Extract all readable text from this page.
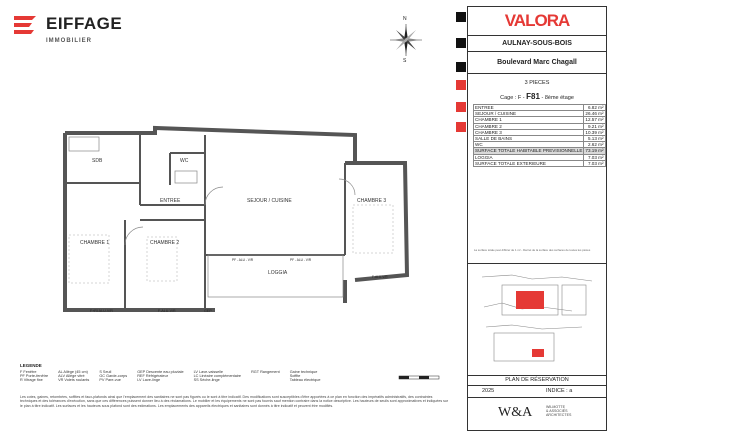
EIFFAGE
IMMOBILIER
N
S
SDB	WC
ENTREE	SEJOUR / CUISINE	CHAMBRE 3
CHAMBRE 1	CHAMBRE 2
LOGGIA
F+RI ALU-V/R	F-ALU-V/R	GEP
PF - ALU - V/R	PF - ALU - V/R
F-ALU-V/R
VALORA
AULNAY-SOUS-BOIS
Boulevard Marc Chagall
3 PIECES
Cage : F - F81 - 8ème étage
La surface totale peut différer de 1 m² - Décret de la surface des surfaces de toutes les pièces
PLAN DE RÉSERVATION
2025	INDICE : a
W&A	WILMOTTE
& ASSOCIÉS
ARCHITECTES
ENTREE	6.82 m²
SEJOUR / CUISINE	26.46 m²
CHAMBRE 1	12.57 m²
CHAMBRE 2	9.21 m²
CHAMBRE 3	10.39 m²
SALLE DE BAINS	5.13 m²
WC	2.62 m²
SURFACE TOTALE HABITABLE PREVISIONNELLE	73.19 m²
LOGGIA	7.03 m²
SURFACE TOTALE EXTERIEURE	7.03 m²
LEGENDE
F Fenêtre
PF Porte-fenêtre
R Vitrage fixe
AL Allège (45 cm)
ALV Allège vitré
VR Volets roulants
S Seuil
GC Garde-corps
PV Pare-vue
GEP Descente eau pluviale
REF Réfrigérateur
LV Lave-linge
LV Lave-vaisselle
LC Linéaire complémentaire
SS Sèche-linge
RGT Rangement	Gaine technique
Soffite
Tableau électrique
Les cotes, gaines, retombées, soffites et faux-plafonds ainsi que l'emplacement des sanitaires ne sont pas figurés ou le sont à titre indicatif. Des modifications sont susceptibles d'être apportées à ce plan en fonction des impératifs administratifs, des contraintes techniques et des tolérances d'exécution, sans que ces différences puissent donner lieu à des réclamations. Le mobilier et les équipements ne sont pas fournis sauf mention contraire dans la notice descriptive. Les hauteurs de seuils sont approximatives et indiquées sur le plan à titre indicatif. Les surfaces et les hauteurs sous plafond sont des estimations. Les emplacements des appareils électriques et sanitaires sont donnés à titre indicatif et peuvent être modifiés.
